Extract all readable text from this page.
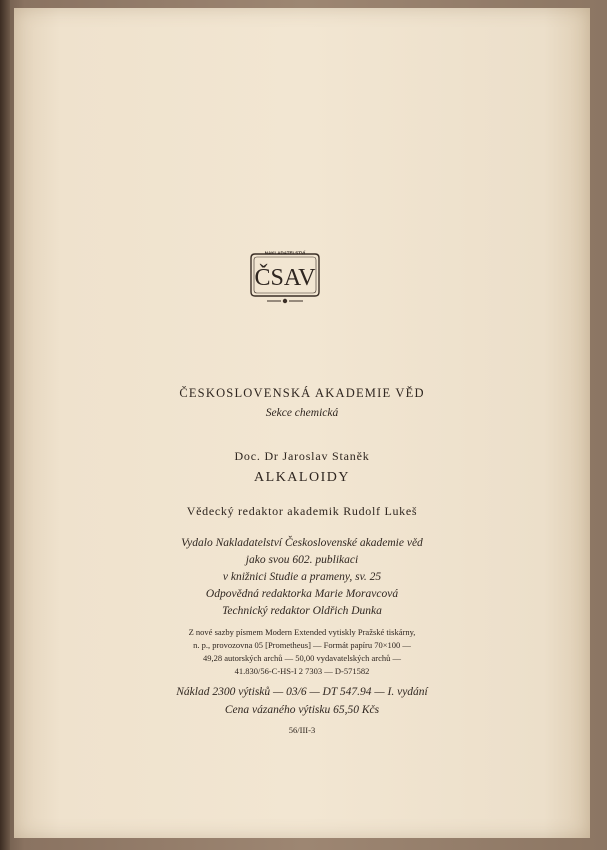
NAKLADATELSTVÍ
ČSAV
ČESKOSLOVENSKÁ AKADEMIE VĚD
Sekce chemická
Doc. Dr Jaroslav Staněk
ALKALOIDY
Vědecký redaktor akademik Rudolf Lukeš
Vydalo Nakladatelství Československé akademie věd
jako svou 602. publikaci
v knižnici Studie a prameny, sv. 25
Odpovědná redaktorka Marie Moravcová
Technický redaktor Oldřich Dunka
Z nové sazby písmem Modern Extended vytiskly Pražské tiskárny,
n. p., provozovna 05 [Prometheus] — Formát papíru 70×100 —
49,28 autorských archů — 50,00 vydavatelských archů —
41.830/56-C-HS-I 2 7303 — D-571582
Náklad 2300 výtisků — 03/6 — DT 547.94 — I. vydání
Cena vázaného výtisku 65,50 Kčs
56/III-3
